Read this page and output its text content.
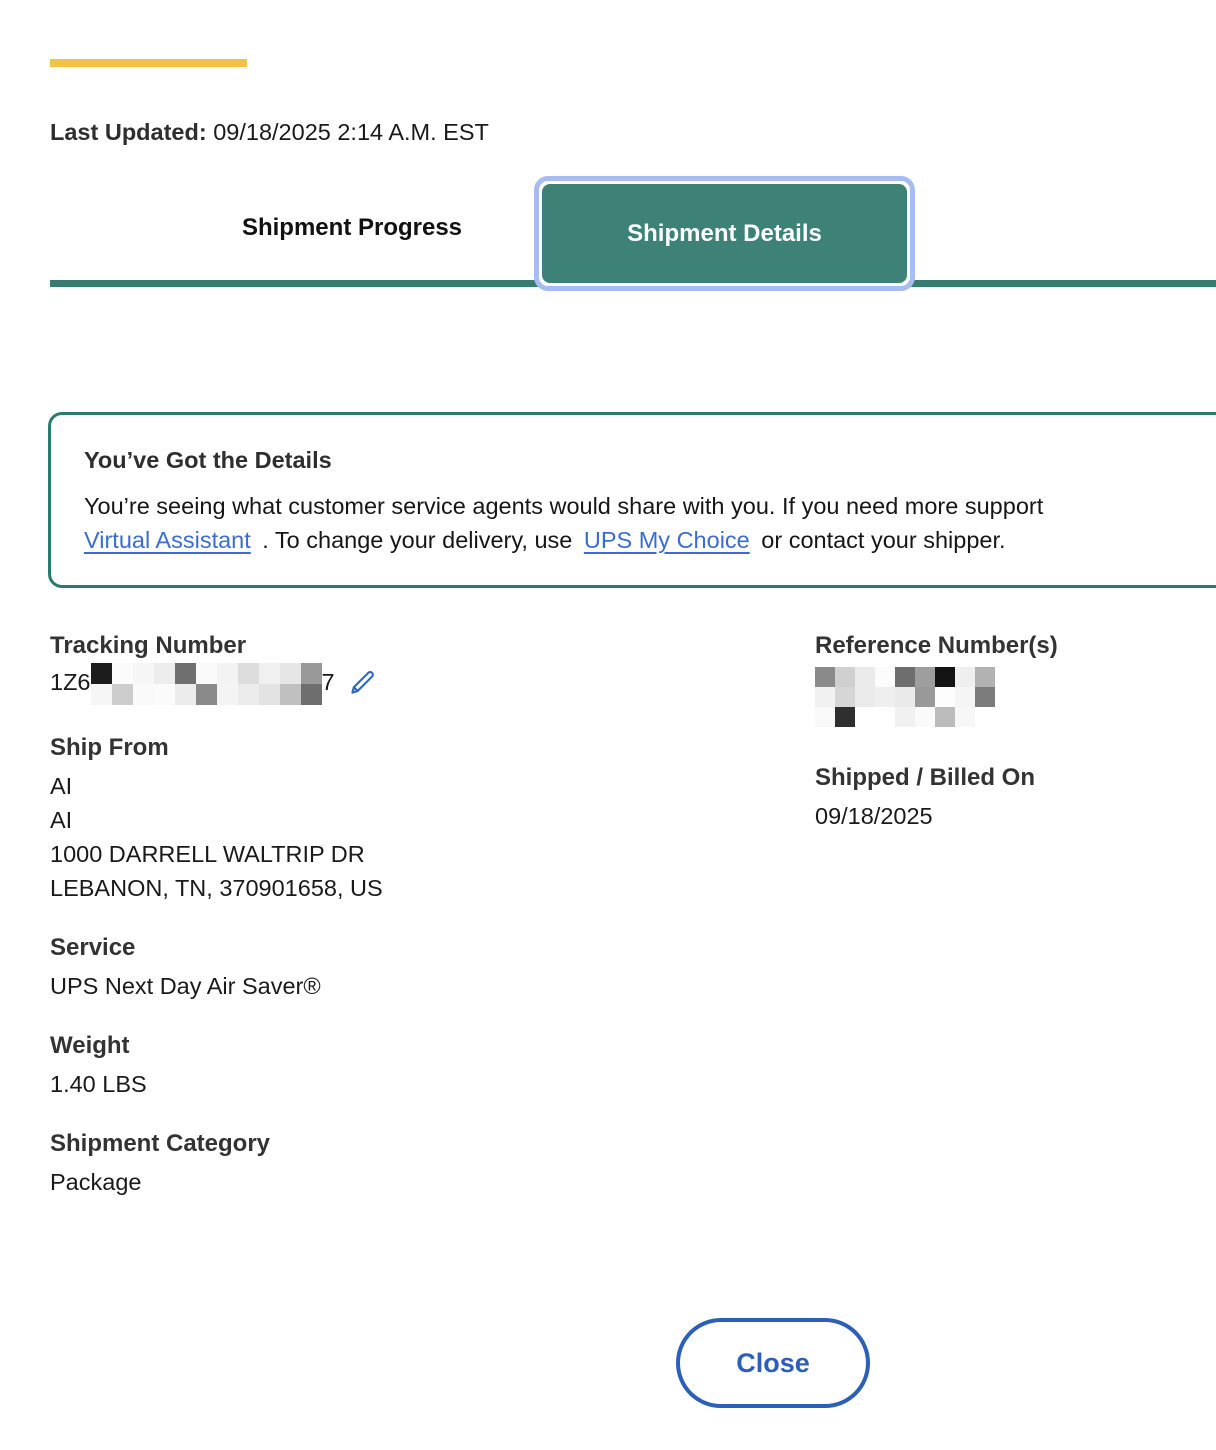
Last Updated: 09/18/2025 2:14 A.M. EST
Shipment Progress	Shipment Details
You’ve Got the Details
You’re seeing what customer service agents would share with you. If you need more support
Virtual Assistant . To change your delivery, use UPS My Choice or contact your shipper.
Tracking Number
1Z6	7
Reference Number(s)
Ship From
AI
AI
1000 DARRELL WALTRIP DR
LEBANON, TN, 370901658, US
Shipped / Billed On
09/18/2025
Service
UPS Next Day Air Saver®
Weight
1.40 LBS
Shipment Category
Package
Close
